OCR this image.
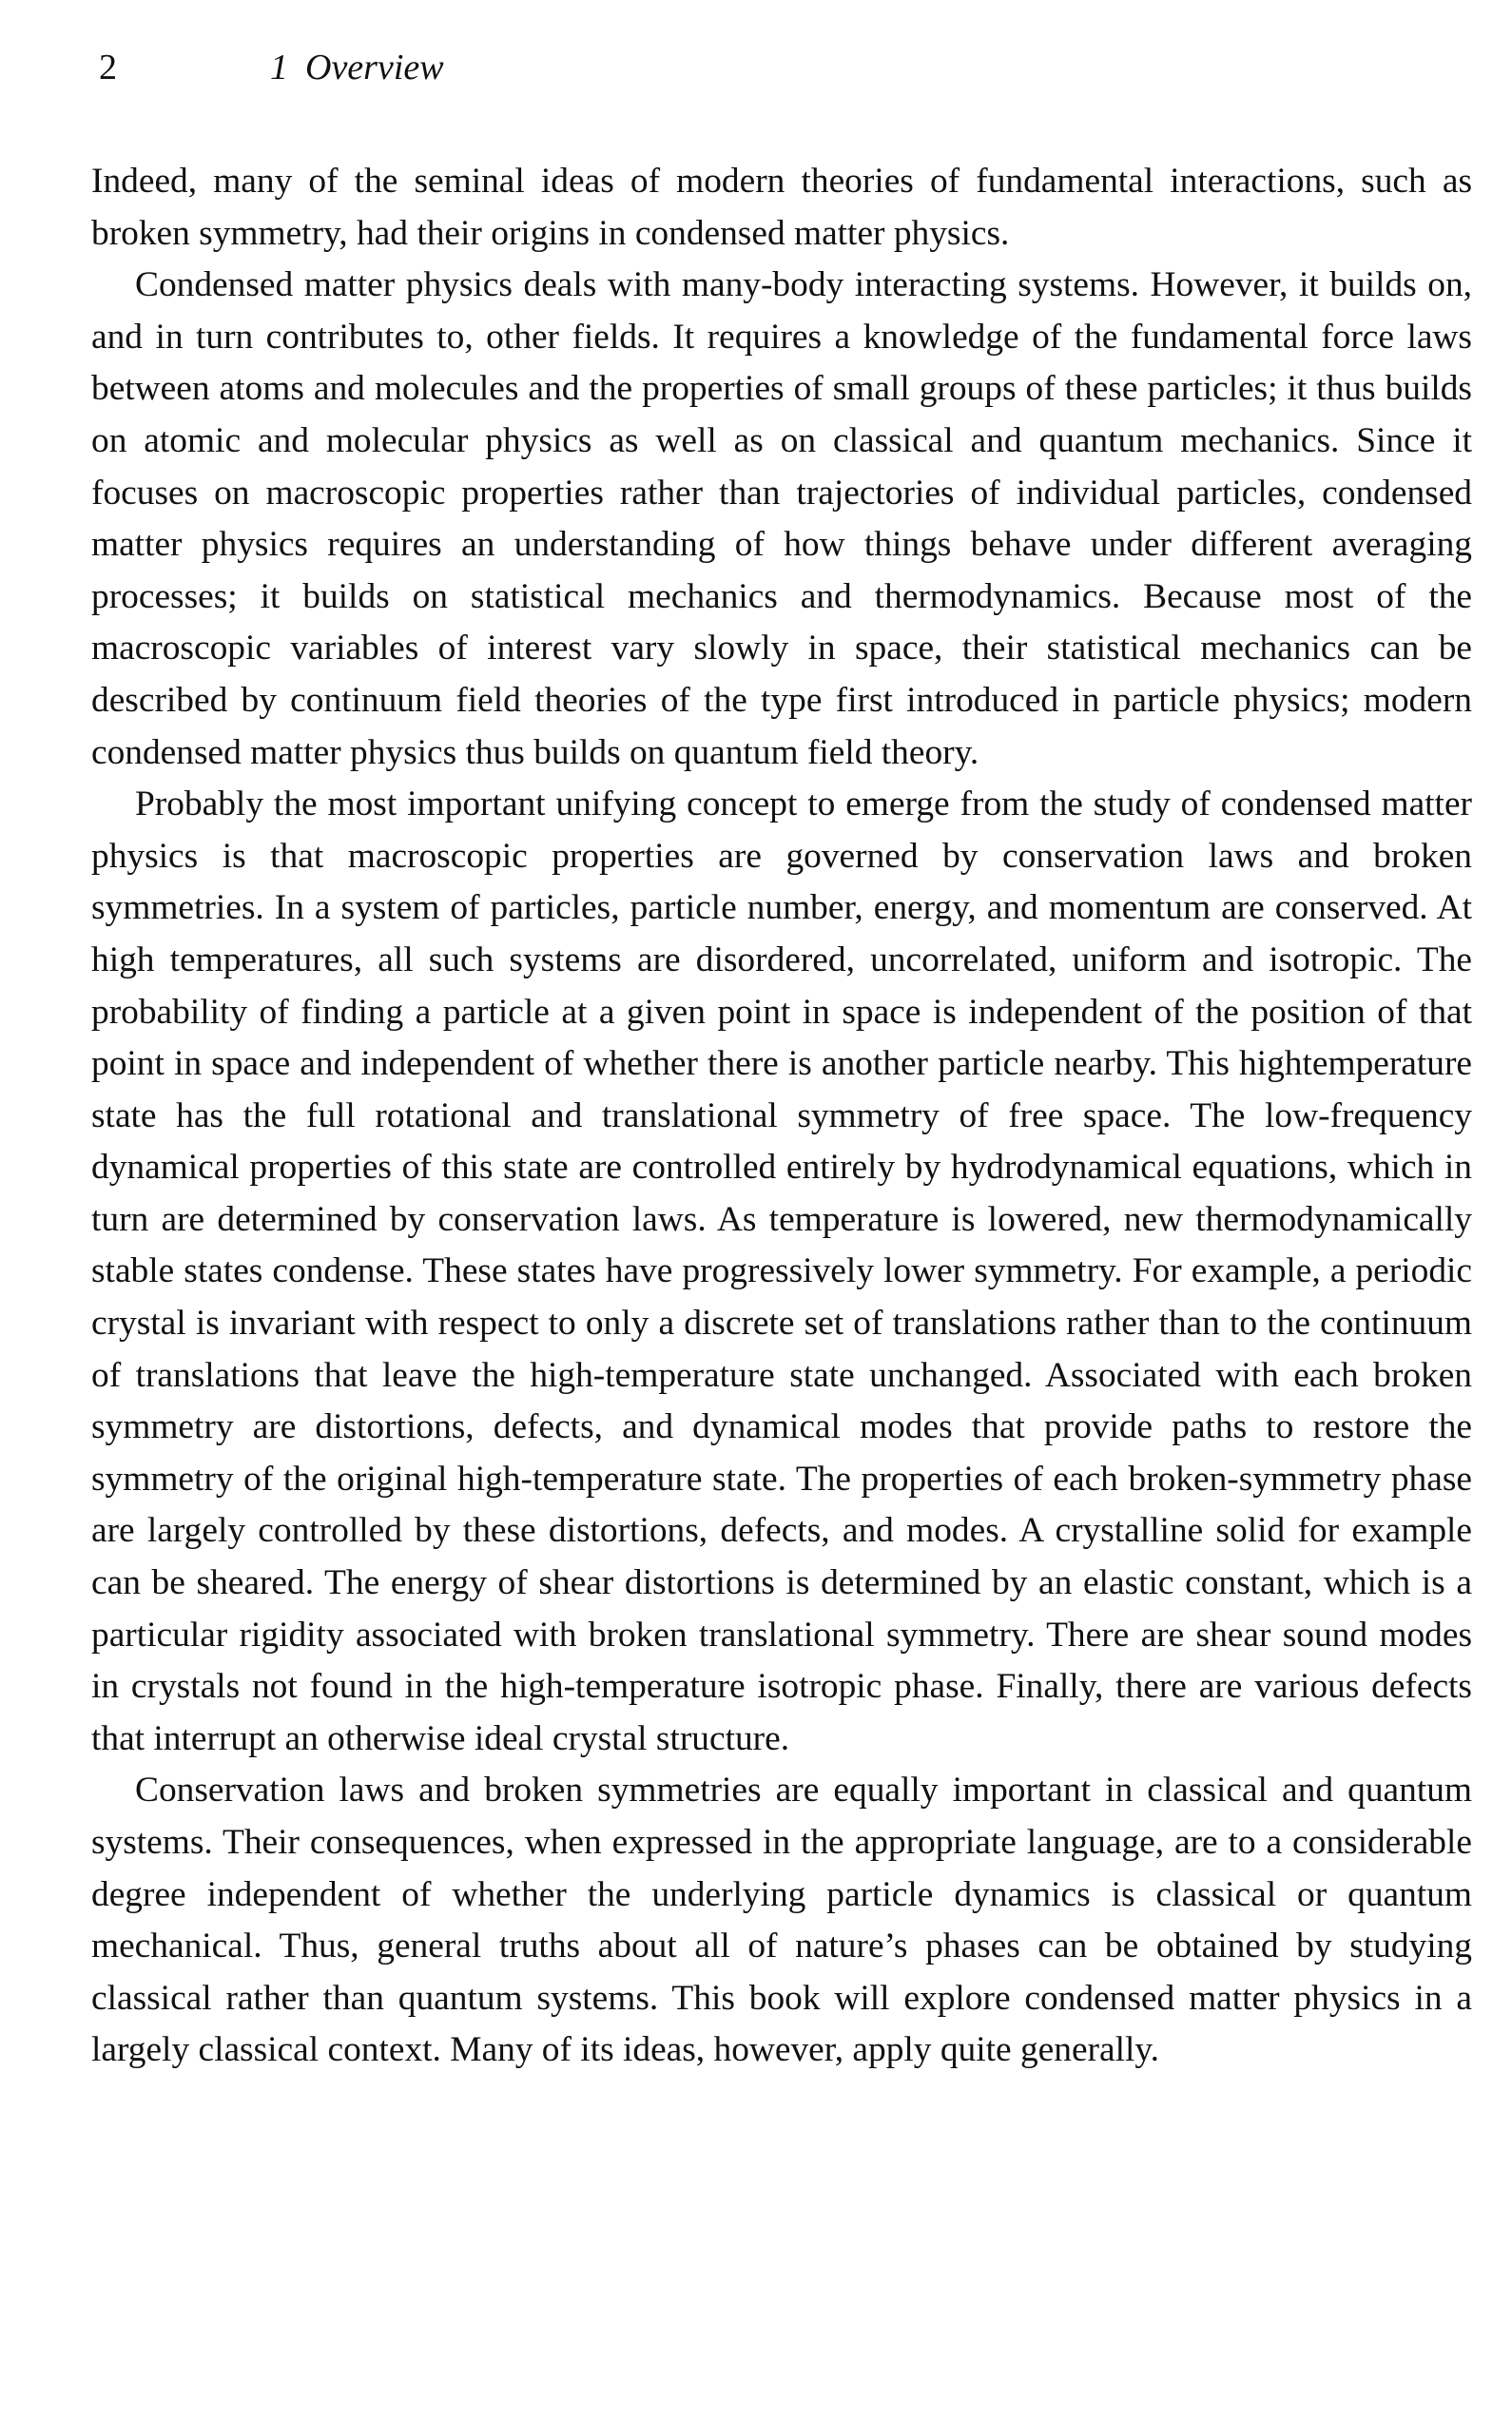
2	1 Overview

Indeed, many of the seminal ideas of modern theories of fundamental interactions, such as broken symmetry, had their origins in condensed matter physics.

Condensed matter physics deals with many-body interacting systems. However, it builds on, and in turn contributes to, other fields. It requires a knowledge of the fundamental force laws between atoms and molecules and the properties of small groups of these particles; it thus builds on atomic and molecular physics as well as on classical and quantum mechanics. Since it focuses on macroscopic properties rather than trajectories of individual particles, condensed matter physics requires an understanding of how things behave under different averaging processes; it builds on statistical mechanics and thermodynamics. Because most of the macroscopic variables of interest vary slowly in space, their statistical mechanics can be described by continuum field theories of the type first introduced in particle physics; modern condensed matter physics thus builds on quantum field theory.

Probably the most important unifying concept to emerge from the study of condensed matter physics is that macroscopic properties are governed by conservation laws and broken symmetries. In a system of particles, particle number, energy, and momentum are conserved. At high temperatures, all such systems are disordered, uncorrelated, uniform and isotropic. The probability of finding a particle at a given point in space is independent of the position of that point in space and independent of whether there is another particle nearby. This hightemperature state has the full rotational and translational symmetry of free space. The low-frequency dynamical properties of this state are controlled entirely by hydrodynamical equations, which in turn are determined by conservation laws. As temperature is lowered, new thermodynamically stable states condense. These states have progressively lower symmetry. For example, a periodic crystal is invariant with respect to only a discrete set of translations rather than to the continuum of translations that leave the high-temperature state unchanged. Associated with each broken symmetry are distortions, defects, and dynamical modes that provide paths to restore the symmetry of the original high-temperature state. The properties of each broken-symmetry phase are largely controlled by these distortions, defects, and modes. A crystalline solid for example can be sheared. The energy of shear distortions is determined by an elastic constant, which is a particular rigidity associated with broken translational symmetry. There are shear sound modes in crystals not found in the high-temperature isotropic phase. Finally, there are various defects that interrupt an otherwise ideal crystal structure.

Conservation laws and broken symmetries are equally important in classical and quantum systems. Their consequences, when expressed in the appropriate language, are to a considerable degree independent of whether the underlying particle dynamics is classical or quantum mechanical. Thus, general truths about all of nature’s phases can be obtained by studying classical rather than quantum systems. This book will explore condensed matter physics in a largely classical context. Many of its ideas, however, apply quite generally.
